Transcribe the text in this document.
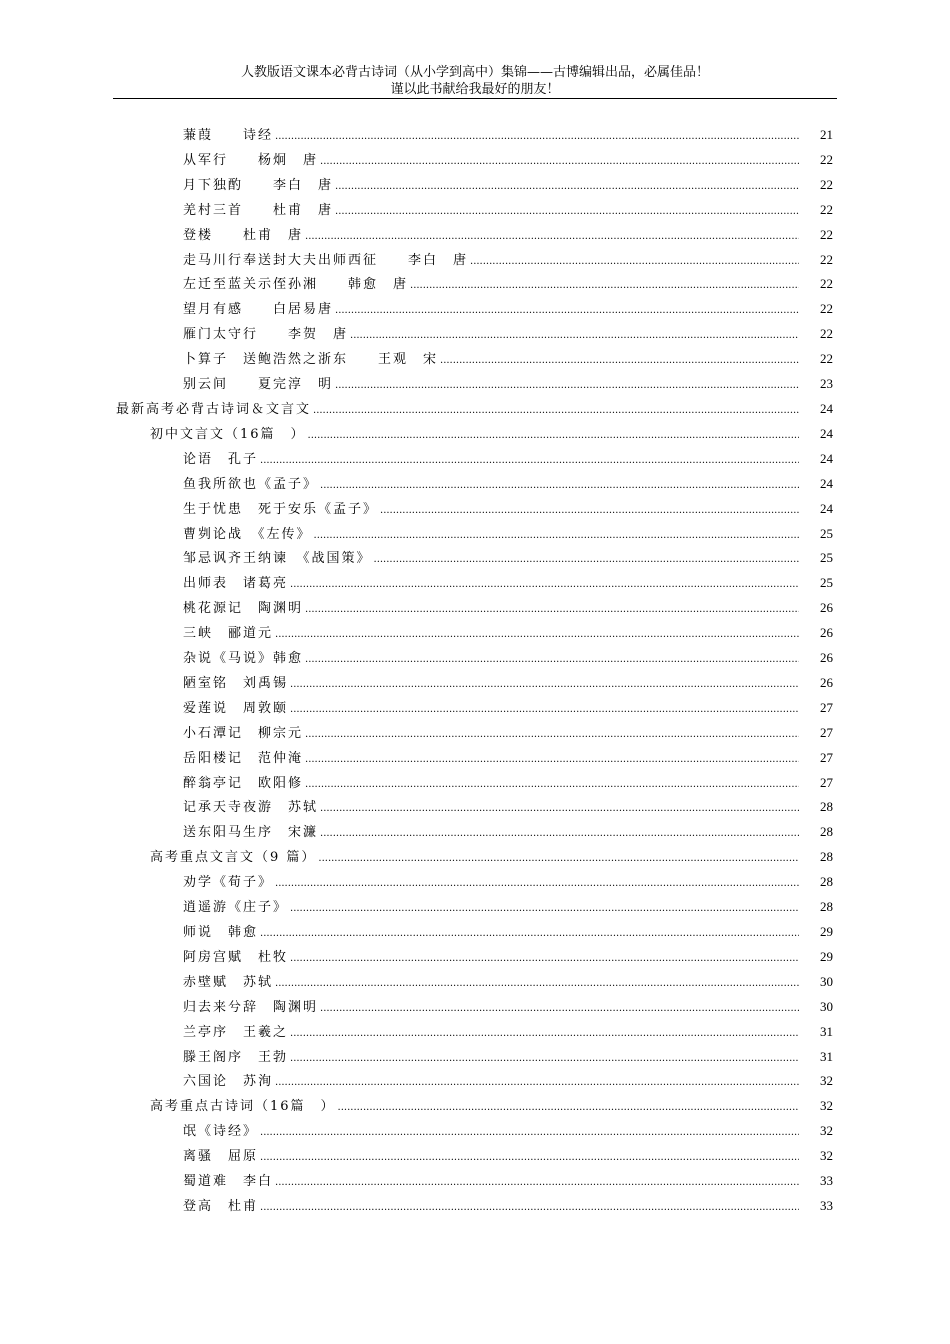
人教版语文课本必背古诗词（从小学到高中）集锦——古博编辑出品，必属佳品！
谨以此书献给我最好的朋友！
蒹葭　　诗经 .....	21
从军行　　杨炯　唐 .....	22
月下独酌　　李白　唐 .....	22
羌村三首　　杜甫　唐 .....	22
登楼　　杜甫　唐 .....	22
走马川行奉送封大夫出师西征　　李白　唐 .....	22
左迁至蓝关示侄孙湘　　韩愈　唐 .....	22
望月有感　　白居易唐 .....	22
雁门太守行　　李贺　唐 .....	22
卜算子　送鲍浩然之浙东　　王观　宋 .....	22
别云间　　夏完淳　明 .....	23
最新高考必背古诗词＆文言文 .....	24
初中文言文（16篇　） .....	24
论语　孔子 .....	24
鱼我所欲也《孟子》 .....	24
生于忧患　死于安乐《孟子》 .....	24
曹刿论战　《左传》 .....	25
邹忌讽齐王纳谏　《战国策》 .....	25
出师表　诸葛亮 .....	25
桃花源记　陶渊明 .....	26
三峡　郦道元 .....	26
杂说《马说》韩愈 .....	26
陋室铭　刘禹锡 .....	26
爱莲说　周敦颐 .....	27
小石潭记　柳宗元 .....	27
岳阳楼记　范仲淹 .....	27
醉翁亭记　欧阳修 .....	27
记承天寺夜游　苏轼 .....	28
送东阳马生序　宋濂 .....	28
高考重点文言文（9 篇） .....	28
劝学《荀子》 .....	28
逍遥游《庄子》 .....	28
师说　韩愈 .....	29
阿房宫赋　杜牧 .....	29
赤壁赋　苏轼 .....	30
归去来兮辞　陶渊明 .....	30
兰亭序　王羲之 .....	31
滕王阁序　王勃 .....	31
六国论　苏洵 .....	32
高考重点古诗词（16篇　） .....	32
氓《诗经》 .....	32
离骚　屈原 .....	32
蜀道难　李白 .....	33
登高　杜甫 .....	33
